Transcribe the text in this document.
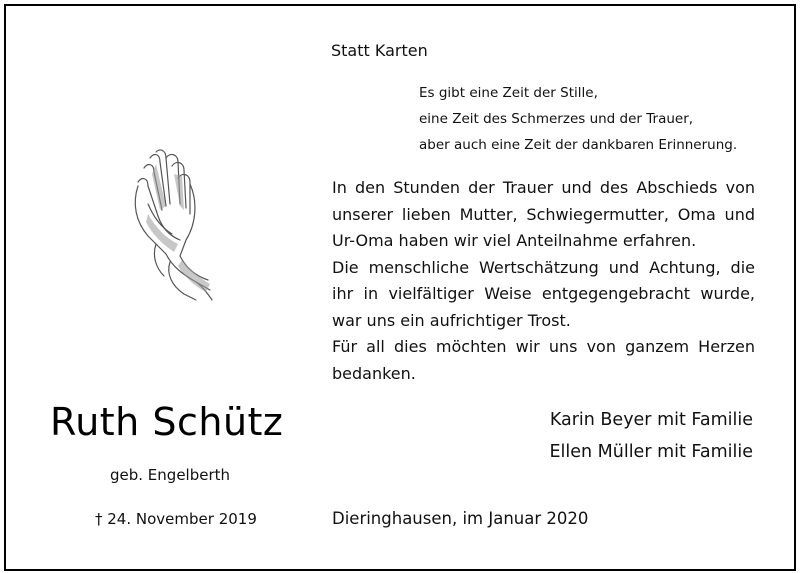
Statt Karten
Es gibt eine Zeit der Stille,
eine Zeit des Schmerzes und der Trauer,
aber auch eine Zeit der dankbaren Erinnerung.
In den Stunden der Trauer und des Abschieds von
unserer lieben Mutter, Schwiegermutter, Oma und
Ur-Oma haben wir viel Anteilnahme erfahren.
Die menschliche Wertschätzung und Achtung, die
ihr in vielfältiger Weise entgegengebracht wurde,
war uns ein aufrichtiger Trost.
Für all dies möchten wir uns von ganzem Herzen
bedanken.
Karin Beyer mit Familie
Ellen Müller mit Familie
Ruth Schütz
geb. Engelberth
† 24. November 2019	Dieringhausen, im Januar 2020
